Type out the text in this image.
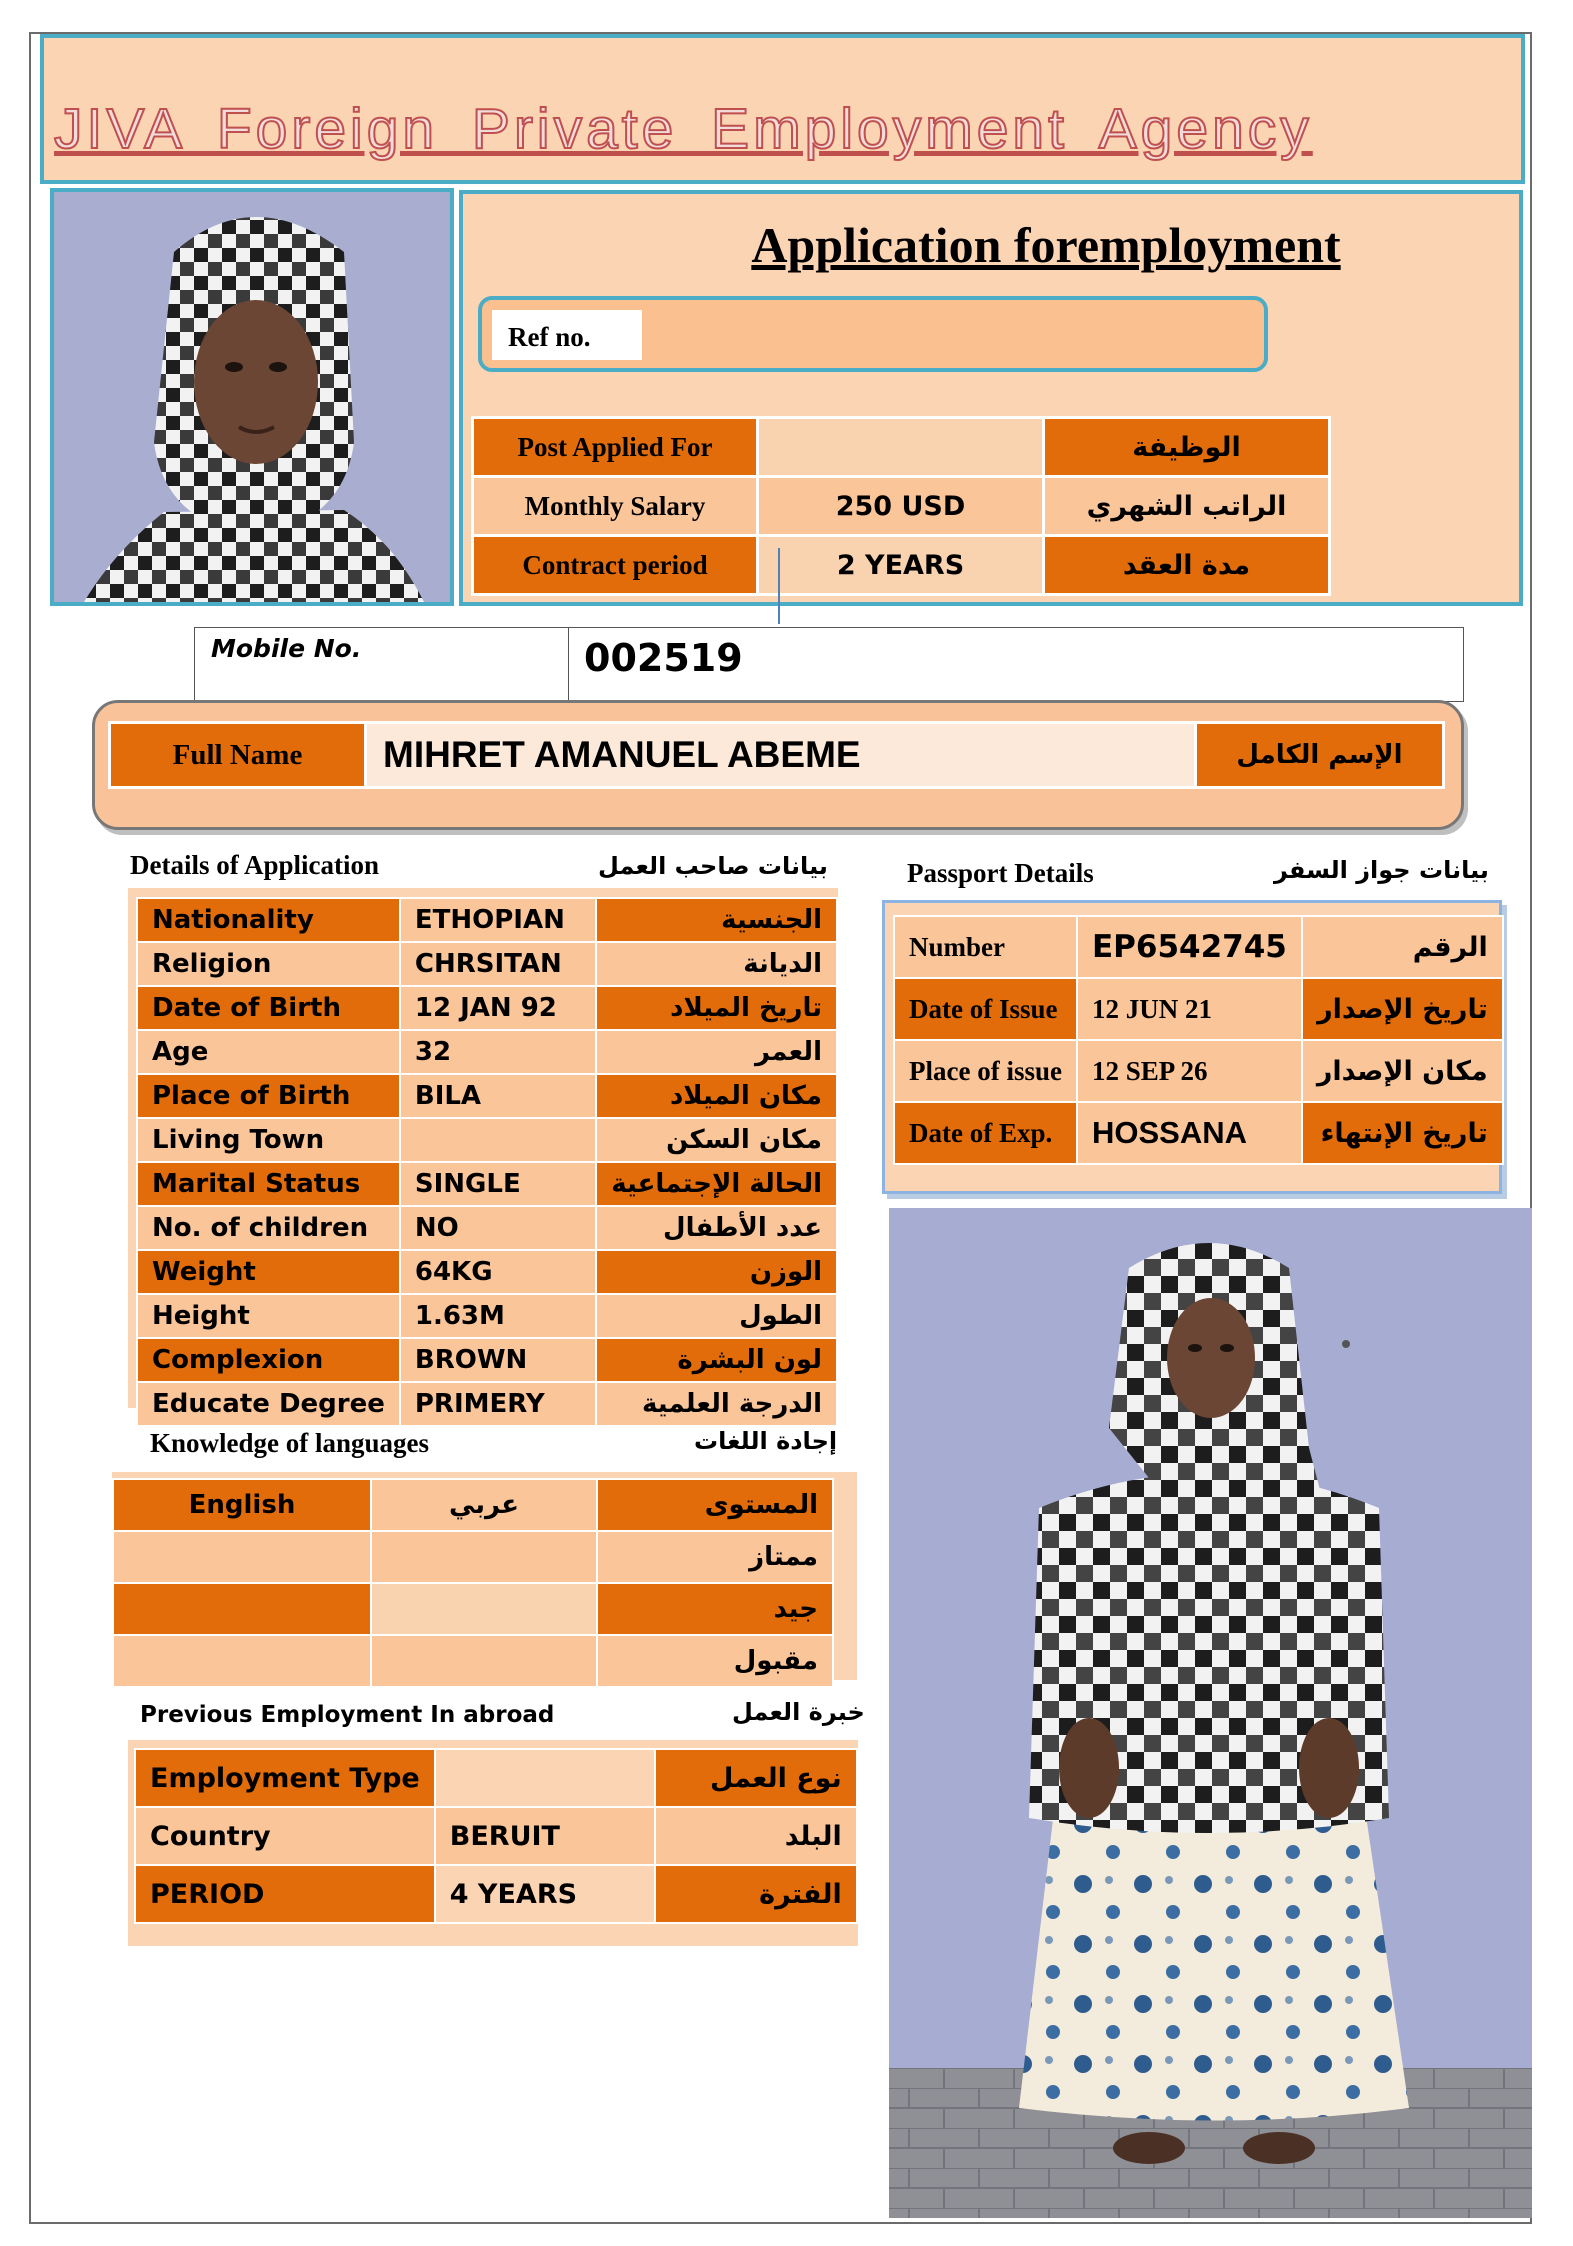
JIVA Foreign Private Employment Agency
Application foremployment
Ref no.
Post Applied For		الوظيفة
Monthly Salary	250 USD	الراتب الشهري
Contract period	2 YEARS	مدة العقد
Mobile No.	002519
Full Name	MIHRET AMANUEL ABEME	الإسم الكامل
Details of Application	بيانات صاحب العمل
Nationality	ETHOPIAN	الجنسية
Religion	CHRSITAN	الديانة
Date of Birth	12 JAN 92	تاريخ الميلاد
Age	32	العمر
Place of Birth	BILA	مكان الميلاد
Living Town		مكان السكن
Marital Status	SINGLE	الحالة الإجتماعية
No. of children	NO	عدد الأطفال
Weight	64KG	الوزن
Height	1.63M	الطول
Complexion	BROWN	لون البشرة
Educate Degree	PRIMERY	الدرجة العلمية
Passport Details	بيانات جواز السفر
Number	EP6542745	الرقم
Date of Issue	12 JUN 21	تاريخ الإصدار
Place of issue	12 SEP 26	مكان الإصدار
Date of Exp.	HOSSANA	تاريخ الإنتهاء
Knowledge of languages	إجادة اللغات
English	عربي	المستوى
		ممتاز
		جيد
		مقبول
Previous Employment In abroad	خبرة العمل
Employment Type		نوع العمل
Country	BERUIT	البلد
PERIOD	4 YEARS	الفترة
